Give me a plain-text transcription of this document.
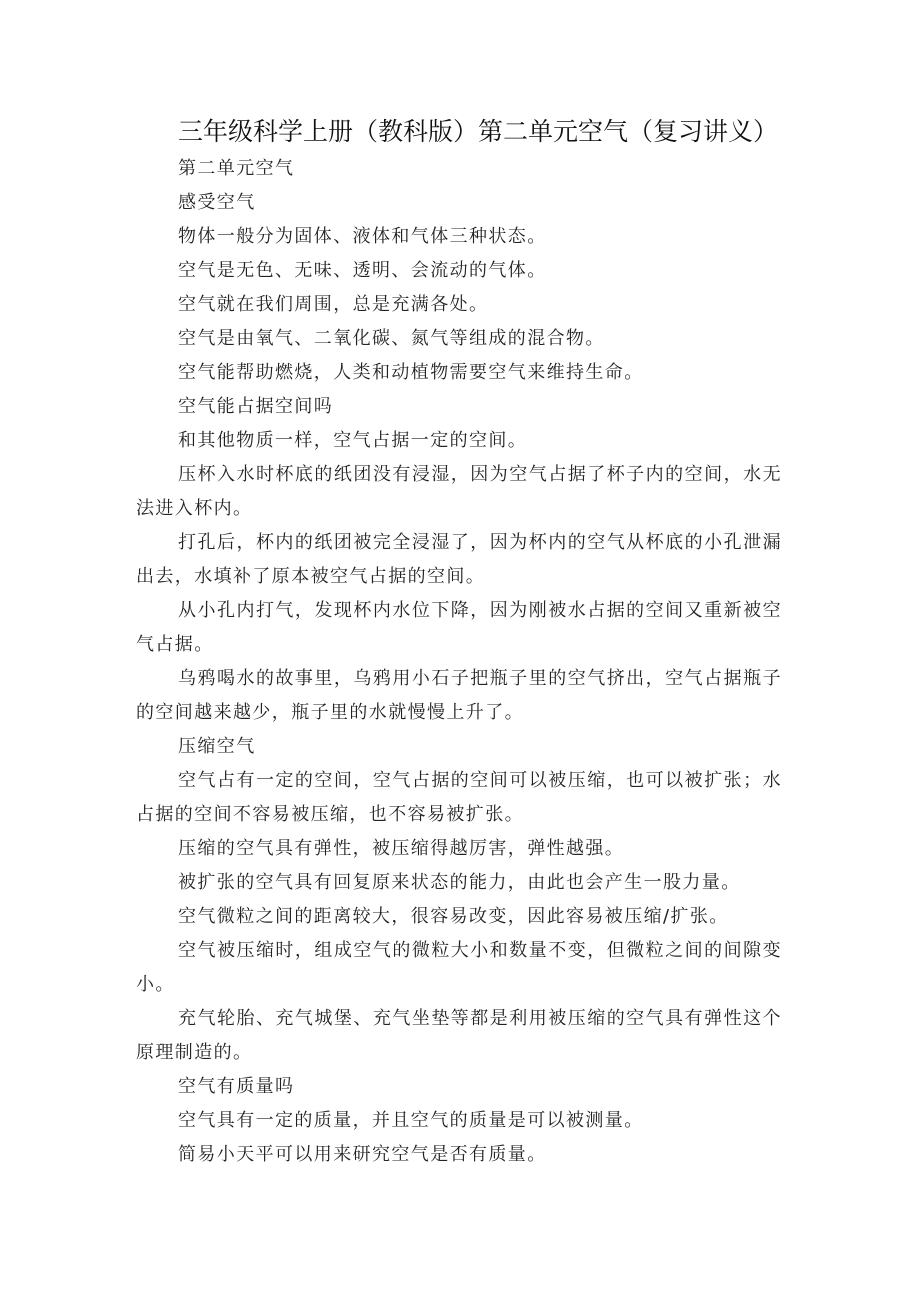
三年级科学上册（教科版）第二单元空气（复习讲义）

第二单元空气

感受空气

物体一般分为固体、液体和气体三种状态。

空气是无色、无味、透明、会流动的气体。

空气就在我们周围，总是充满各处。

空气是由氧气、二氧化碳、氮气等组成的混合物。

空气能帮助燃烧，人类和动植物需要空气来维持生命。

空气能占据空间吗

和其他物质一样，空气占据一定的空间。

压杯入水时杯底的纸团没有浸湿，因为空气占据了杯子内的空间，水无法进入杯内。

打孔后，杯内的纸团被完全浸湿了，因为杯内的空气从杯底的小孔泄漏出去，水填补了原本被空气占据的空间。

从小孔内打气，发现杯内水位下降，因为刚被水占据的空间又重新被空气占据。

乌鸦喝水的故事里，乌鸦用小石子把瓶子里的空气挤出，空气占据瓶子的空间越来越少，瓶子里的水就慢慢上升了。

压缩空气

空气占有一定的空间，空气占据的空间可以被压缩，也可以被扩张；水占据的空间不容易被压缩，也不容易被扩张。

压缩的空气具有弹性，被压缩得越厉害，弹性越强。

被扩张的空气具有回复原来状态的能力，由此也会产生一股力量。

空气微粒之间的距离较大，很容易改变，因此容易被压缩/扩张。

空气被压缩时，组成空气的微粒大小和数量不变，但微粒之间的间隙变小。

充气轮胎、充气城堡、充气坐垫等都是利用被压缩的空气具有弹性这个原理制造的。

空气有质量吗

空气具有一定的质量，并且空气的质量是可以被测量。

简易小天平可以用来研究空气是否有质量。
